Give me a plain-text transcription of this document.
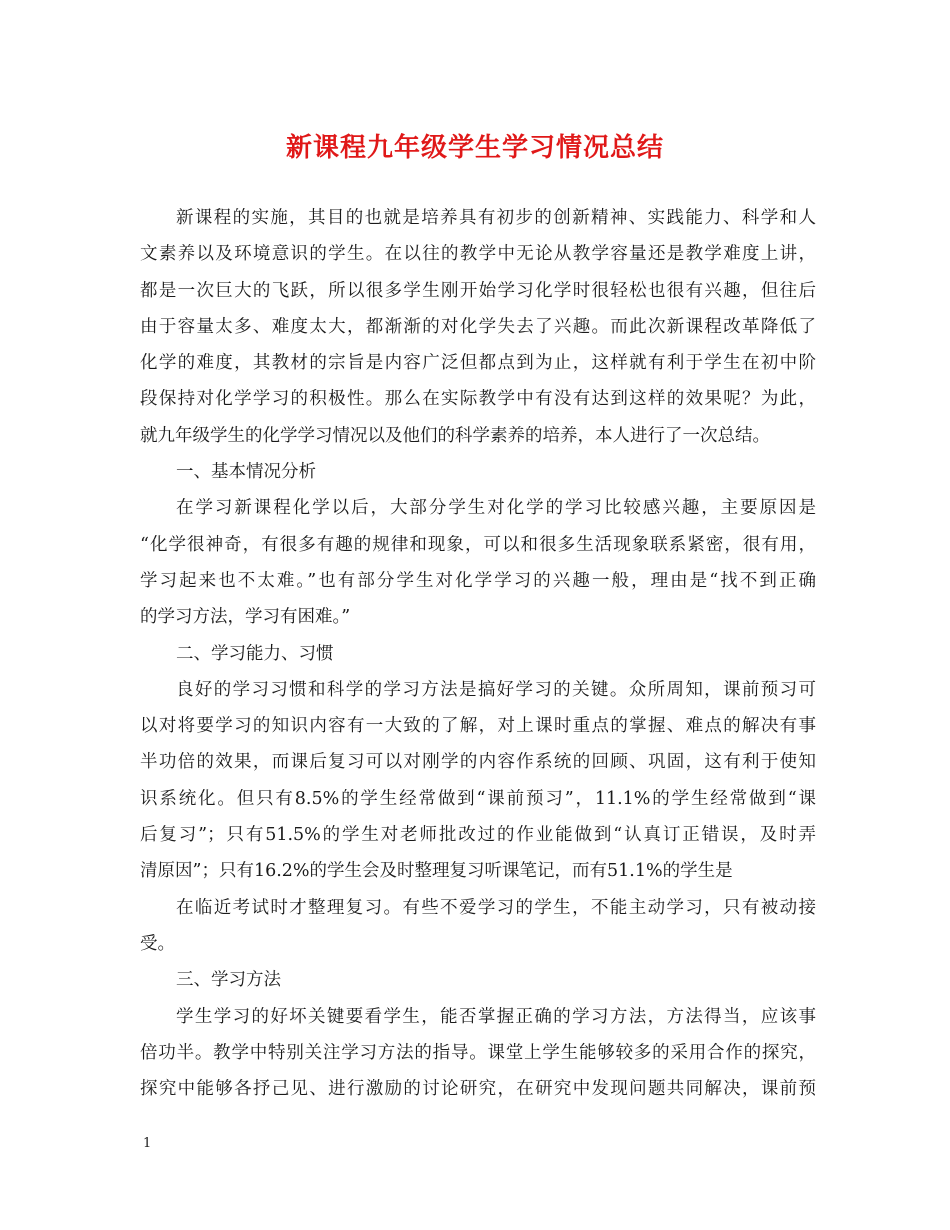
新课程九年级学生学习情况总结
新课程的实施，其目的也就是培养具有初步的创新精神、实践能力、科学和人
文素养以及环境意识的学生。在以往的教学中无论从教学容量还是教学难度上讲，
都是一次巨大的飞跃，所以很多学生刚开始学习化学时很轻松也很有兴趣，但往后
由于容量太多、难度太大，都渐渐的对化学失去了兴趣。而此次新课程改革降低了
化学的难度，其教材的宗旨是内容广泛但都点到为止，这样就有利于学生在初中阶
段保持对化学学习的积极性。那么在实际教学中有没有达到这样的效果呢？为此，
就九年级学生的化学学习情况以及他们的科学素养的培养，本人进行了一次总结。
一、基本情况分析
在学习新课程化学以后，大部分学生对化学的学习比较感兴趣，主要原因是
“化学很神奇，有很多有趣的规律和现象，可以和很多生活现象联系紧密，很有用，
学习起来也不太难。”也有部分学生对化学学习的兴趣一般，理由是“找不到正确
的学习方法，学习有困难。”
二、学习能力、习惯
良好的学习习惯和科学的学习方法是搞好学习的关键。众所周知，课前预习可
以对将要学习的知识内容有一大致的了解，对上课时重点的掌握、难点的解决有事
半功倍的效果，而课后复习可以对刚学的内容作系统的回顾、巩固，这有利于使知
识系统化。但只有8.5%的学生经常做到“课前预习”，11.1%的学生经常做到“课
后复习”；只有51.5%的学生对老师批改过的作业能做到“认真订正错误，及时弄
清原因”；只有16.2%的学生会及时整理复习听课笔记，而有51.1%的学生是
在临近考试时才整理复习。有些不爱学习的学生，不能主动学习，只有被动接
受。
三、学习方法
学生学习的好坏关键要看学生，能否掌握正确的学习方法，方法得当，应该事
倍功半。教学中特别关注学习方法的指导。课堂上学生能够较多的采用合作的探究，
探究中能够各抒己见、进行激励的讨论研究，在研究中发现问题共同解决，课前预
1
